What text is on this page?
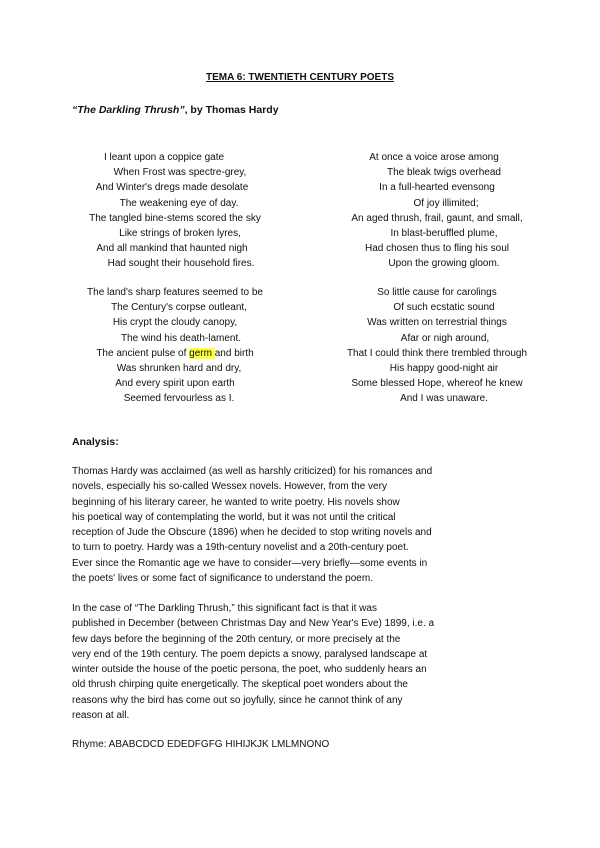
TEMA 6: TWENTIETH CENTURY POETS
“The Darkling Thrush”, by Thomas Hardy
I leant upon a coppice gate
When Frost was spectre-grey,
And Winter's dregs made desolate
The weakening eye of day.
The tangled bine-stems scored the sky
Like strings of broken lyres,
And all mankind that haunted nigh
Had sought their household fires.
The land's sharp features seemed to be
The Century's corpse outleant,
His crypt the cloudy canopy,
The wind his death-lament.
The ancient pulse of germ and birth
Was shrunken hard and dry,
And every spirit upon earth
Seemed fervourless as I.
At once a voice arose among
The bleak twigs overhead
In a full-hearted evensong
Of joy illimited;
An aged thrush, frail, gaunt, and small,
In blast-beruffled plume,
Had chosen thus to fling his soul
Upon the growing gloom.
So little cause for carolings
Of such ecstatic sound
Was written on terrestrial things
Afar or nigh around,
That I could think there trembled through
His happy good-night air
Some blessed Hope, whereof he knew
And I was unaware.
Analysis:
Thomas Hardy was acclaimed (as well as harshly criticized) for his romances and
novels, especially his so-called Wessex novels. However, from the very
beginning of his literary career, he wanted to write poetry. His novels show
his poetical way of contemplating the world, but it was not until the critical
reception of Jude the Obscure (1896) when he decided to stop writing novels and
to turn to poetry. Hardy was a 19th-century novelist and a 20th-century poet.
Ever since the Romantic age we have to consider—very briefly—some events in
the poets' lives or some fact of significance to understand the poem.
In the case of “The Darkling Thrush,” this significant fact is that it was
published in December (between Christmas Day and New Year's Eve) 1899, i.e. a
few days before the beginning of the 20th century, or more precisely at the
very end of the 19th century. The poem depicts a snowy, paralysed landscape at
winter outside the house of the poetic persona, the poet, who suddenly hears an
old thrush chirping quite energetically. The skeptical poet wonders about the
reasons why the bird has come out so joyfully, since he cannot think of any
reason at all.
Rhyme: ABABCDCD EDEDFGFG HIHIJKJK LMLMNONO
